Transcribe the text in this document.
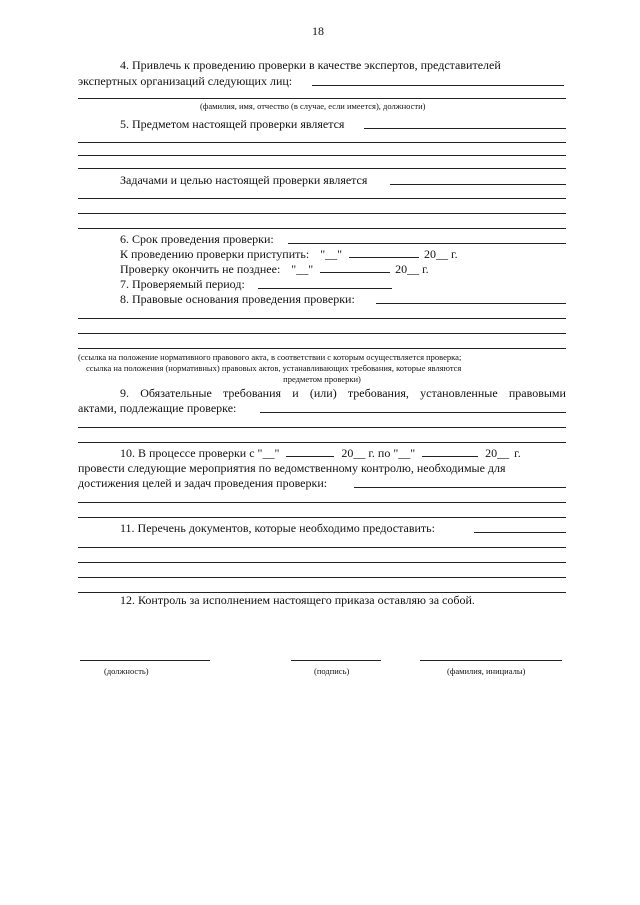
18
4. Привлечь к проведению проверки в качестве экспертов, представителей
экспертных организаций следующих лиц:
(фамилия, имя, отчество (в случае, если имеется), должности)
5. Предметом настоящей проверки является
Задачами и целью настоящей проверки является
6. Срок проведения проверки:
К проведению проверки приступить: "__"	20__ г.
Проверку окончить не позднее: "__"	20__ г.
7. Проверяемый период:
8. Правовые основания проведения проверки:
(ссылка на положение нормативного правового акта, в соответствии с которым осуществляется проверка;
ссылка на положения (нормативных) правовых актов, устанавливающих требования, которые являются
предметом проверки)
9. Обязательные требования и (или) требования, установленные правовыми
актами, подлежащие проверке:
10. В процессе проверки с "__"	20__ г. по "__"	20__ г.
провести следующие мероприятия по ведомственному контролю, необходимые для
достижения целей и задач проведения проверки:
11. Перечень документов, которые необходимо предоставить:
12. Контроль за исполнением настоящего приказа оставляю за собой.
(должность)	(подпись)	(фамилия, инициалы)
